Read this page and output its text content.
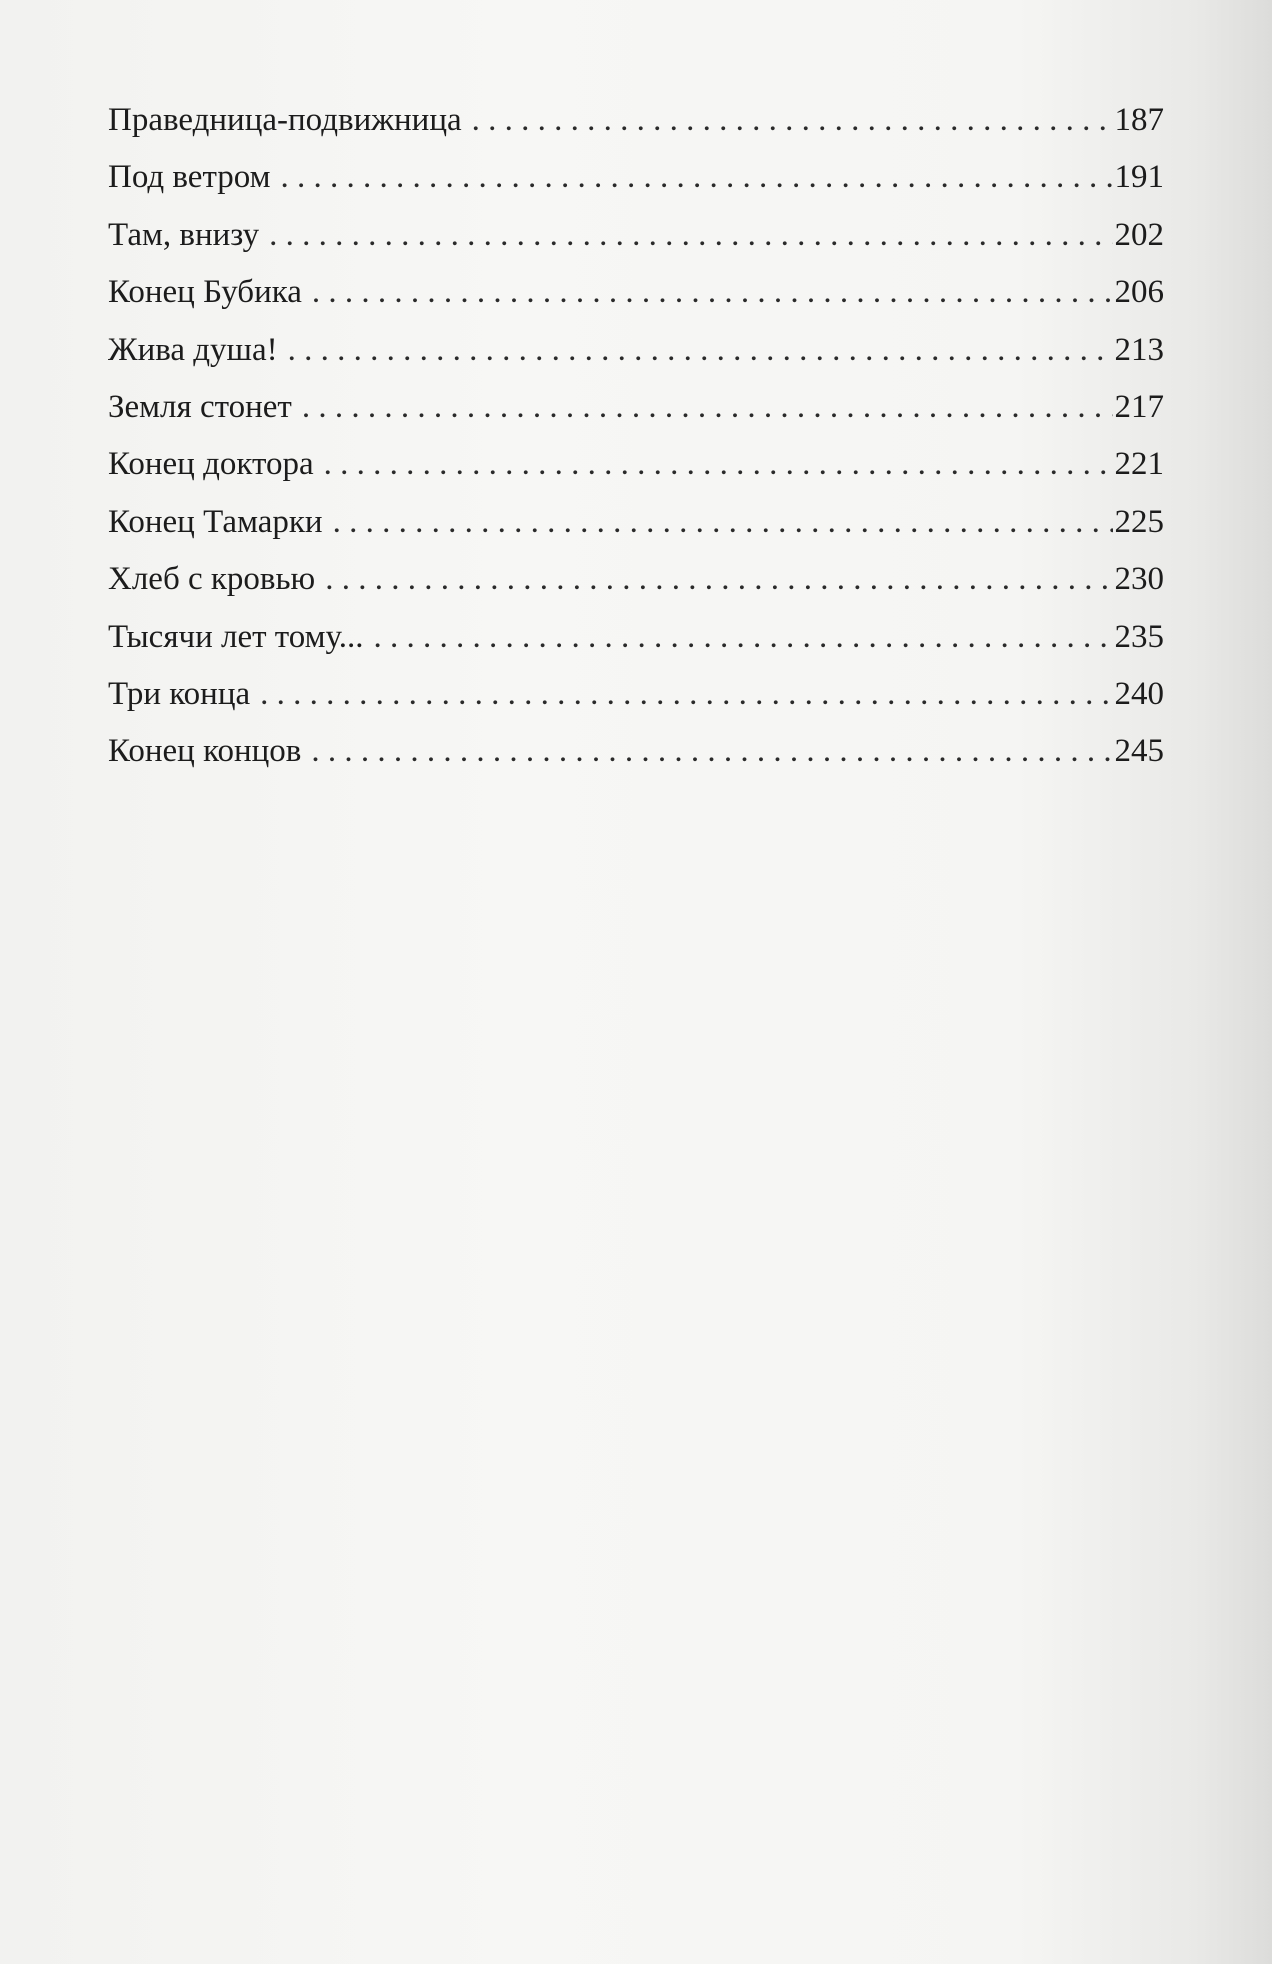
Праведница-подвижница . . .	187
Под ветром . . .	191
Там, внизу . . .	202
Конец Бубика . . .	206
Жива душа! . . .	213
Земля стонет . . .	217
Конец доктора . . .	221
Конец Тамарки . . .	225
Хлеб с кровью . . .	230
Тысячи лет тому... . . .	235
Три конца . . .	240
Конец концов . . .	245
